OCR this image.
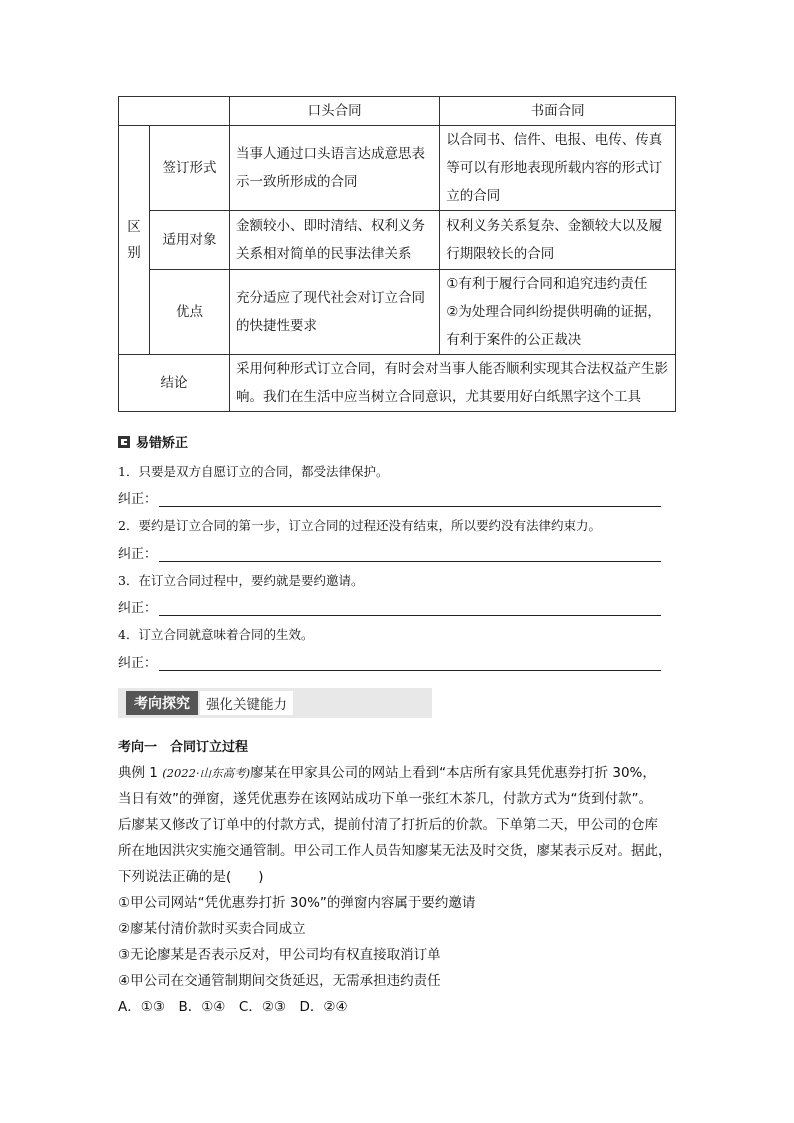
		口头合同	书面合同
区别	签订形式	当事人通过口头语言达成意思表示一致所形成的合同	以合同书、信件、电报、电传、传真等可以有形地表现所载内容的形式订立的合同
	适用对象	金额较小、即时清结、权利义务关系相对简单的民事法律关系	权利义务关系复杂、金额较大以及履行期限较长的合同
	优点	充分适应了现代社会对订立合同的快捷性要求	①有利于履行合同和追究违约责任
②为处理合同纠纷提供明确的证据，有利于案件的公正裁决

结论		采用何种形式订立合同，有时会对当事人能否顺利实现其合法权益产生影响。我们在生活中应当树立合同意识，尤其要用好白纸黑字这个工具	
易错矫正
1．只要是双方自愿订立的合同，都受法律保护。
纠正：
2．要约是订立合同的第一步，订立合同的过程还没有结束，所以要约没有法律约束力。
纠正：
3．在订立合同过程中，要约就是要约邀请。
纠正：
4．订立合同就意味着合同的生效。
纠正：
考向探究	强化关键能力
考向一　合同订立过程
典例 1 (2022·山东高考)廖某在甲家具公司的网站上看到“本店所有家具凭优惠券打折 30%，
当日有效”的弹窗，遂凭优惠券在该网站成功下单一张红木茶几，付款方式为“货到付款”。
后廖某又修改了订单中的付款方式，提前付清了打折后的价款。下单第二天，甲公司的仓库
所在地因洪灾实施交通管制。甲公司工作人员告知廖某无法及时交货，廖某表示反对。据此，
下列说法正确的是(　　)
①甲公司网站“凭优惠券打折 30%”的弹窗内容属于要约邀请
②廖某付清价款时买卖合同成立
③无论廖某是否表示反对，甲公司均有权直接取消订单
④甲公司在交通管制期间交货延迟，无需承担违约责任
A．①③　B．①④　C．②③　D．②④
